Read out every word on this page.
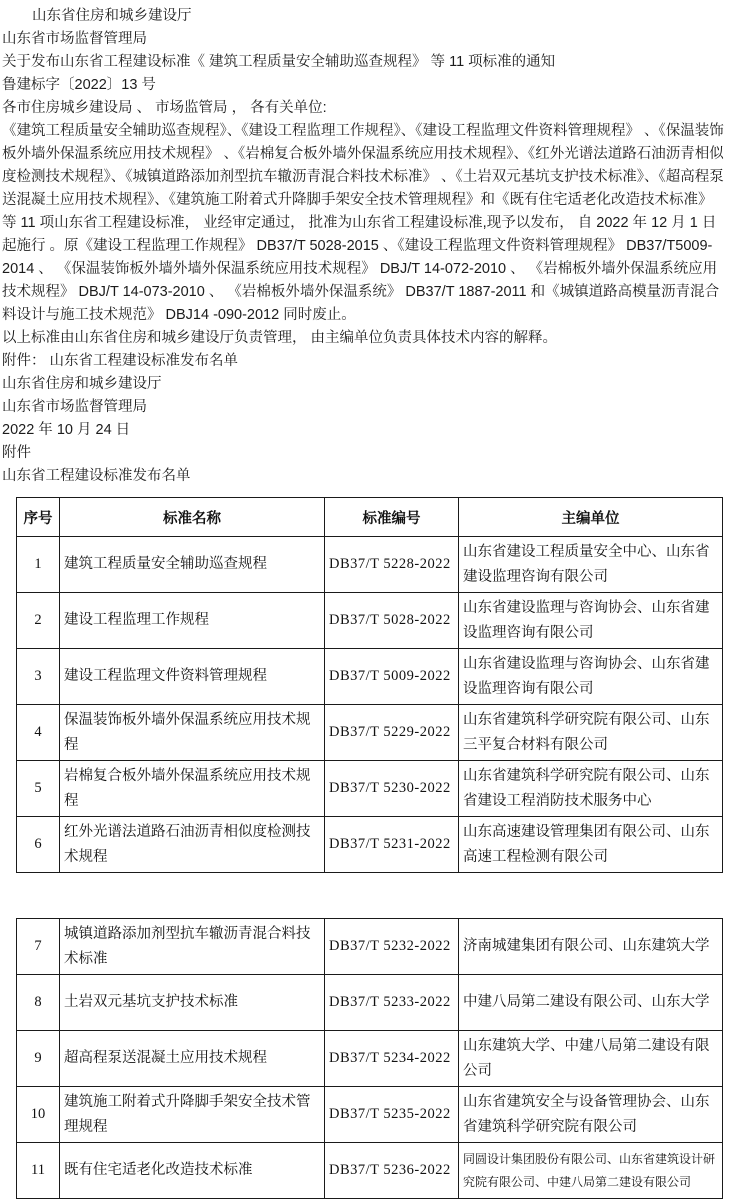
山东省住房和城乡建设厅

山东省市场监督管理局

关于发布山东省工程建设标准《 建筑工程质量安全辅助巡查规程》 等 11 项标准的通知

鲁建标字〔2022〕13 号

各市住房城乡建设局 、 市场监管局 ， 各有关单位:

《建筑工程质量安全辅助巡查规程》、《建设工程监理工作规程》、《建设工程监理文件资料管理规程》 、《保温装饰板外墙外保温系统应用技术规程》 、《岩棉复合板外墙外保温系统应用技术规程》、《红外光谱法道路石油沥青相似度检测技术规程》、《城镇道路添加剂型抗车辙沥青混合料技术标准》 、《土岩双元基坑支护技术标准》、《超高程泵送混凝土应用技术规程》、《建筑施工附着式升降脚手架安全技术管理规程》和《既有住宅适老化改造技术标准》 等 11 项山东省工程建设标准， 业经审定通过， 批准为山东省工程建设标准,现予以发布， 自 2022 年 12 月 1 日起施行 。原《建设工程监理工作规程》 DB37/T 5028-2015 、《建设工程监理文件资料管理规程》 DB37/T5009-2014 、 《保温装饰板外墙外墙外保温系统应用技术规程》 DBJ/T 14-072-2010 、 《岩棉板外墙外保温系统应用技术规程》 DBJ/T 14-073-2010 、 《岩棉板外墙外保温系统》 DB37/T 1887-2011 和《城镇道路高模量沥青混合料设计与施工技术规范》 DBJ14 -090-2012 同时废止。

以上标准由山东省住房和城乡建设厅负责管理， 由主编单位负责具体技术内容的解释。

附件： 山东省工程建设标准发布名单

山东省住房和城乡建设厅

山东省市场监督管理局

2022 年 10 月 24 日

附件

山东省工程建设标准发布名单

序号	标准名称	标准编号	主编单位
1	建筑工程质量安全辅助巡查规程	DB37/T 5228-2022	山东省建设工程质量安全中心、山东省建设监理咨询有限公司
2	建设工程监理工作规程	DB37/T 5028-2022	山东省建设监理与咨询协会、山东省建设监理咨询有限公司
3	建设工程监理文件资料管理规程	DB37/T 5009-2022	山东省建设监理与咨询协会、山东省建设监理咨询有限公司
4	保温装饰板外墙外保温系统应用技术规程	DB37/T 5229-2022	山东省建筑科学研究院有限公司、山东三平复合材料有限公司
5	岩棉复合板外墙外保温系统应用技术规程	DB37/T 5230-2022	山东省建筑科学研究院有限公司、山东省建设工程消防技术服务中心
6	红外光谱法道路石油沥青相似度检测技术规程	DB37/T 5231-2022	山东高速建设管理集团有限公司、山东高速工程检测有限公司
7	城镇道路添加剂型抗车辙沥青混合料技术标准	DB37/T 5232-2022	济南城建集团有限公司、山东建筑大学
8	土岩双元基坑支护技术标准	DB37/T 5233-2022	中建八局第二建设有限公司、山东大学
9	超高程泵送混凝土应用技术规程	DB37/T 5234-2022	山东建筑大学、中建八局第二建设有限公司
10	建筑施工附着式升降脚手架安全技术管理规程	DB37/T 5235-2022	山东省建筑安全与设备管理协会、山东省建筑科学研究院有限公司
11	既有住宅适老化改造技术标准	DB37/T 5236-2022	同圆设计集团股份有限公司、山东省建筑设计研究院有限公司、中建八局第二建设有限公司
